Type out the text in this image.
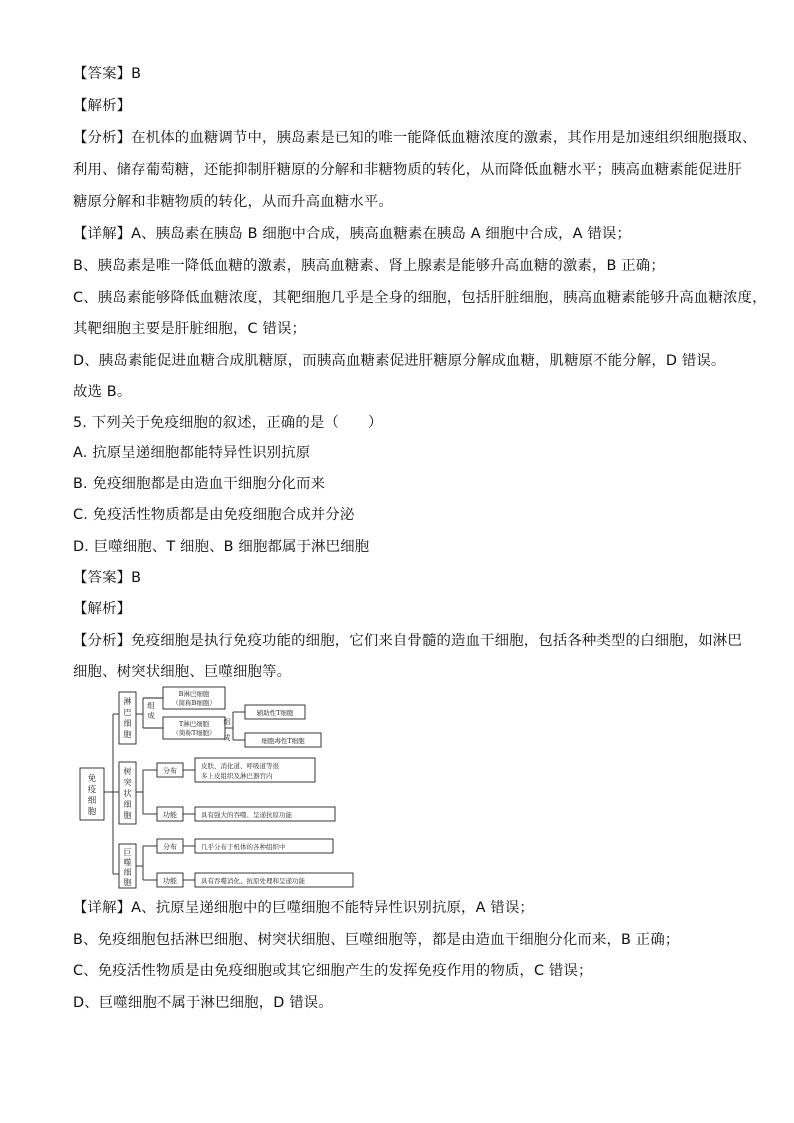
【答案】B
【解析】
【分析】在机体的血糖调节中，胰岛素是已知的唯一能降低血糖浓度的激素，其作用是加速组织细胞摄取、
利用、储存葡萄糖，还能抑制肝糖原的分解和非糖物质的转化，从而降低血糖水平；胰高血糖素能促进肝
糖原分解和非糖物质的转化，从而升高血糖水平。
【详解】A、胰岛素在胰岛 B 细胞中合成，胰高血糖素在胰岛 A 细胞中合成，A 错误；
B、胰岛素是唯一降低血糖的激素，胰高血糖素、肾上腺素是能够升高血糖的激素，B 正确；
C、胰岛素能够降低血糖浓度，其靶细胞几乎是全身的细胞，包括肝脏细胞，胰高血糖素能够升高血糖浓度，
其靶细胞主要是肝脏细胞，C 错误；
D、胰岛素能促进血糖合成肌糖原，而胰高血糖素促进肝糖原分解成血糖，肌糖原不能分解，D 错误。
故选 B。
5. 下列关于免疫细胞的叙述，正确的是（　　）
A. 抗原呈递细胞都能特异性识别抗原
B. 免疫细胞都是由造血干细胞分化而来
C. 免疫活性物质都是由免疫细胞合成并分泌
D. 巨噬细胞、T 细胞、B 细胞都属于淋巴细胞
【答案】B
【解析】
【分析】免疫细胞是执行免疫功能的细胞，它们来自骨髓的造血干细胞，包括各种类型的白细胞，如淋巴
细胞、树突状细胞、巨噬细胞等。
免
疫
细
胞
淋
巴
细
胞
组
成
B淋巴细胞
（简称B细胞）
T淋巴细胞
（简称T细胞）
组
成
辅助性T细胞
细胞毒性T细胞
树
突
状
细
胞
分布
皮肤、消化道、呼吸道等很
多上皮组织及淋巴器官内
功能	具有强大的吞噬、呈递抗原功能
巨
噬
细
胞
分布	几乎分布于机体的各种组织中
功能	具有吞噬消化、抗原处理和呈递功能
【详解】A、抗原呈递细胞中的巨噬细胞不能特异性识别抗原，A 错误；
B、免疫细胞包括淋巴细胞、树突状细胞、巨噬细胞等，都是由造血干细胞分化而来，B 正确；
C、免疫活性物质是由免疫细胞或其它细胞产生的发挥免疫作用的物质，C 错误；
D、巨噬细胞不属于淋巴细胞，D 错误。
